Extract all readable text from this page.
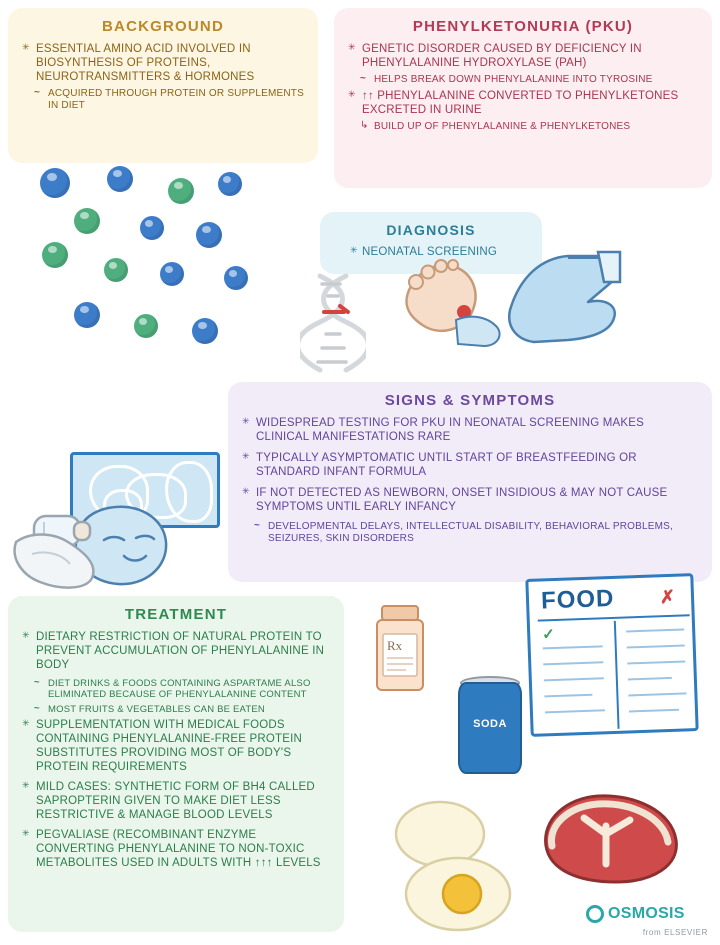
BACKGROUND
✳ ESSENTIAL AMINO ACID INVOLVED IN BIOSYNTHESIS OF PROTEINS, NEUROTRANSMITTERS & HORMONES
~ ACQUIRED THROUGH PROTEIN OR SUPPLEMENTS IN DIET
PHENYLKETONURIA (PKU)
✳ GENETIC DISORDER CAUSED BY DEFICIENCY IN PHENYLALANINE HYDROXYLASE (PAH)
~ HELPS BREAK DOWN PHENYLALANINE INTO TYROSINE
✳ ↑↑ PHENYLALANINE CONVERTED TO PHENYLKETONES EXCRETED IN URINE
↳ BUILD UP OF PHENYLALANINE & PHENYLKETONES
DIAGNOSIS
✳ NEONATAL SCREENING
SIGNS & SYMPTOMS
✳ WIDESPREAD TESTING FOR PKU IN NEONATAL SCREENING MAKES CLINICAL MANIFESTATIONS RARE
✳ TYPICALLY ASYMPTOMATIC UNTIL START OF BREASTFEEDING OR STANDARD INFANT FORMULA
✳ IF NOT DETECTED AS NEWBORN, ONSET INSIDIOUS & MAY NOT CAUSE SYMPTOMS UNTIL EARLY INFANCY
~ DEVELOPMENTAL DELAYS, INTELLECTUAL DISABILITY, BEHAVIORAL PROBLEMS, SEIZURES, SKIN DISORDERS
TREATMENT
✳ DIETARY RESTRICTION OF NATURAL PROTEIN TO PREVENT ACCUMULATION OF PHENYLALANINE IN BODY
~ DIET DRINKS & FOODS CONTAINING ASPARTAME ALSO ELIMINATED BECAUSE OF PHENYLALANINE CONTENT
~ MOST FRUITS & VEGETABLES CAN BE EATEN
✳ SUPPLEMENTATION WITH MEDICAL FOODS CONTAINING PHENYLALANINE-FREE PROTEIN SUBSTITUTES PROVIDING MOST OF BODY'S PROTEIN REQUIREMENTS
✳ MILD CASES: SYNTHETIC FORM OF BH4 CALLED SAPROPTERIN GIVEN TO MAKE DIET LESS RESTRICTIVE & MANAGE BLOOD LEVELS
✳ PEGVALIASE (RECOMBINANT ENZYME CONVERTING PHENYLALANINE TO NON-TOXIC METABOLITES USED IN ADULTS WITH ↑↑↑ LEVELS
Rx
SODA
FOOD ✗
✓
OSMOSIS
from ELSEVIER
